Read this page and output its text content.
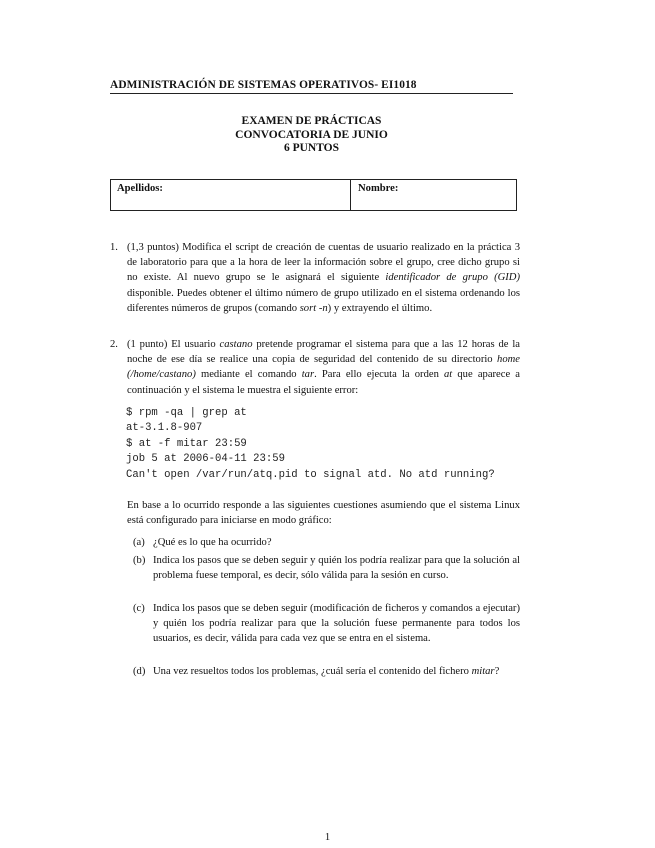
ADMINISTRACIÓN DE SISTEMAS OPERATIVOS- EI1018
EXAMEN DE PRÁCTICAS
CONVOCATORIA DE JUNIO
6 PUNTOS
Apellidos:	Nombre:
1. (1,3 puntos) Modifica el script de creación de cuentas de usuario realizado en la práctica 3 de laboratorio para que a la hora de leer la información sobre el grupo, cree dicho grupo si no existe. Al nuevo grupo se le asignará el siguiente identificador de grupo (GID) disponible. Puedes obtener el último número de grupo utilizado en el sistema ordenando los diferentes números de grupos (comando sort -n) y extrayendo el último.
2. (1 punto) El usuario castano pretende programar el sistema para que a las 12 horas de la noche de ese día se realice una copia de seguridad del contenido de su directorio home (/home/castano) mediante el comando tar. Para ello ejecuta la orden at que aparece a continuación y el sistema le muestra el siguiente error:
$ rpm -qa | grep at
at-3.1.8-907
$ at -f mitar 23:59
job 5 at 2006-04-11 23:59
Can't open /var/run/atq.pid to signal atd. No atd running?
En base a lo ocurrido responde a las siguientes cuestiones asumiendo que el sistema Linux está configurado para iniciarse en modo gráfico:
(a) ¿Qué es lo que ha ocurrido?
(b) Indica los pasos que se deben seguir y quién los podría realizar para que la solución al problema fuese temporal, es decir, sólo válida para la sesión en curso.
(c) Indica los pasos que se deben seguir (modificación de ficheros y comandos a ejecutar) y quién los podría realizar para que la solución fuese permanente para todos los usuarios, es decir, válida para cada vez que se entra en el sistema.
(d) Una vez resueltos todos los problemas, ¿cuál sería el contenido del fichero mitar?
1
